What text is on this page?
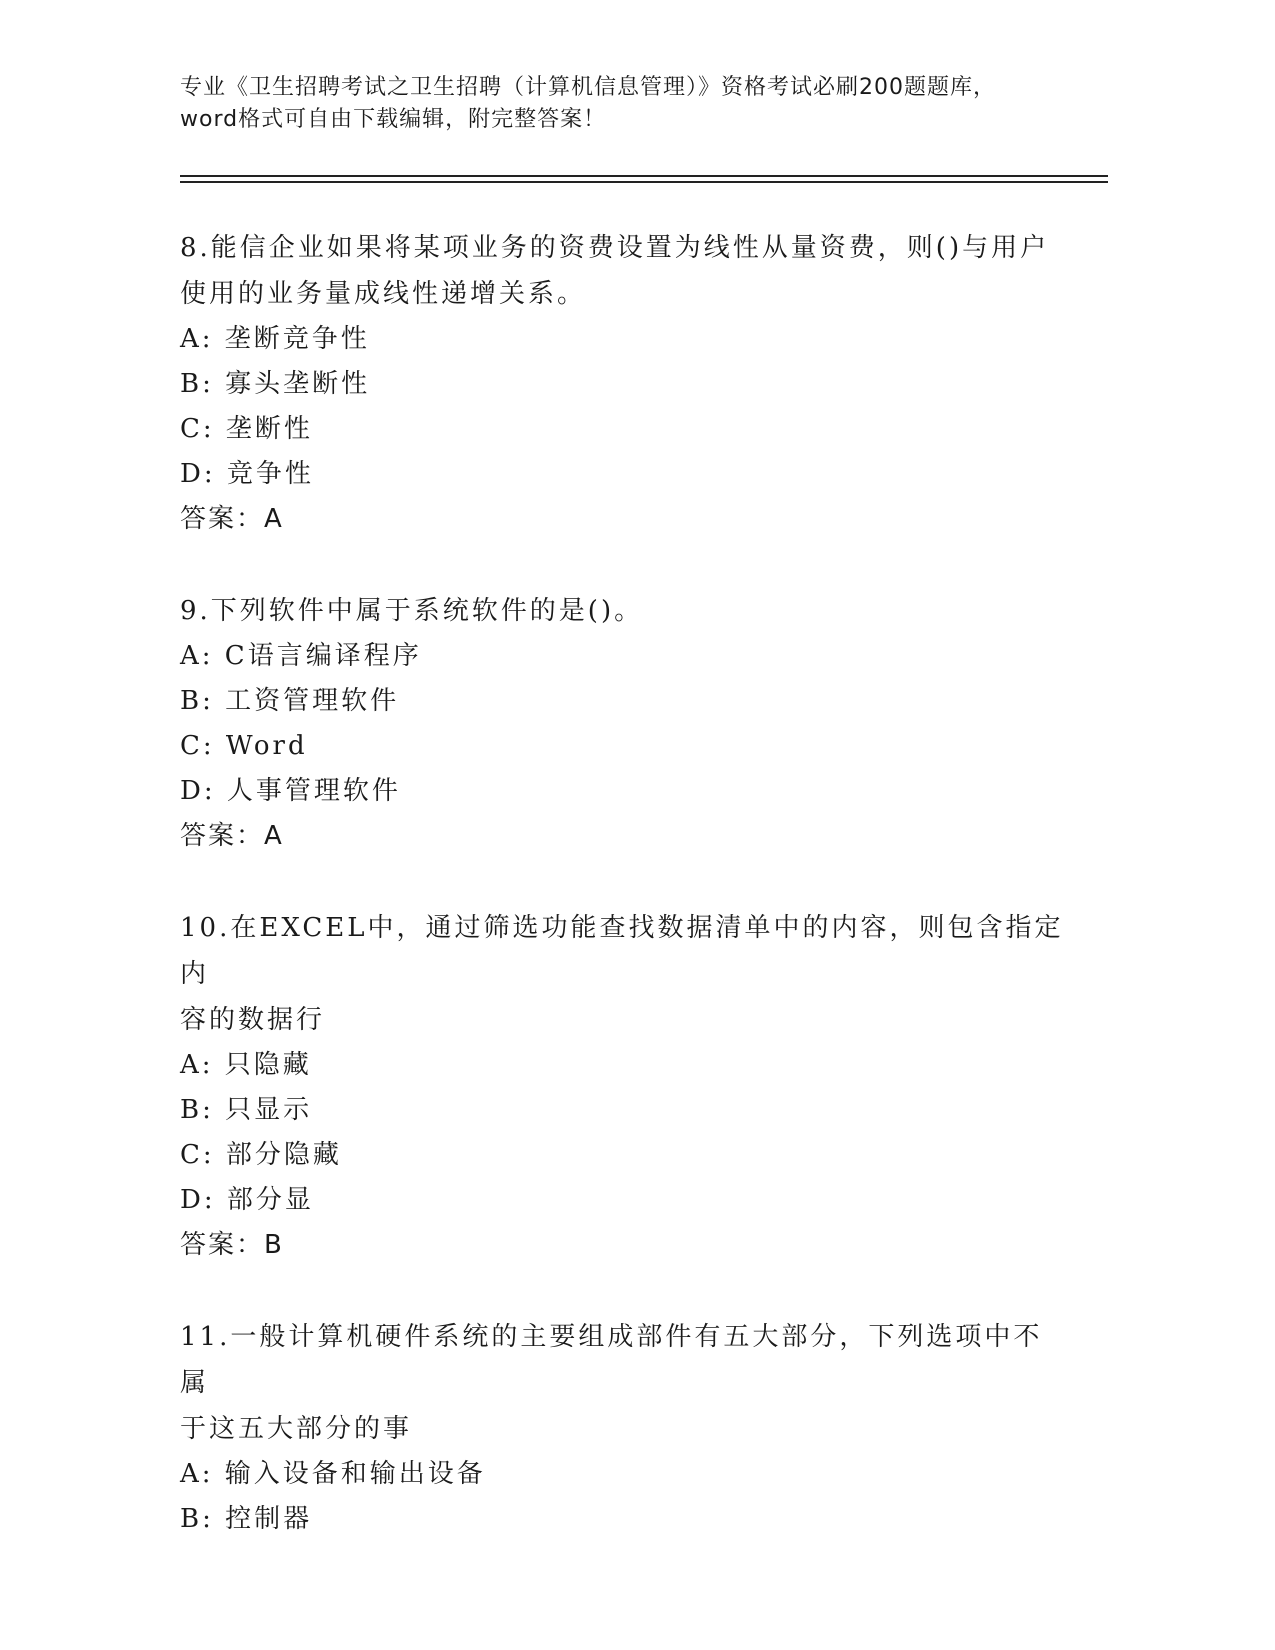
专业《卫生招聘考试之卫生招聘（计算机信息管理）》资格考试必刷200题题库，
word格式可自由下载编辑，附完整答案！
8.能信企业如果将某项业务的资费设置为线性从量资费，则()与用户
使用的业务量成线性递增关系。
A: 垄断竞争性
B: 寡头垄断性
C: 垄断性
D: 竞争性
答案：A
9.下列软件中属于系统软件的是()。
A: C语言编译程序
B: 工资管理软件
C: Word
D: 人事管理软件
答案：A
10.在EXCEL中，通过筛选功能查找数据清单中的内容，则包含指定内
容的数据行
A: 只隐藏
B: 只显示
C: 部分隐藏
D: 部分显
答案：B
11.一般计算机硬件系统的主要组成部件有五大部分，下列选项中不属
于这五大部分的事
A: 输入设备和输出设备
B: 控制器
